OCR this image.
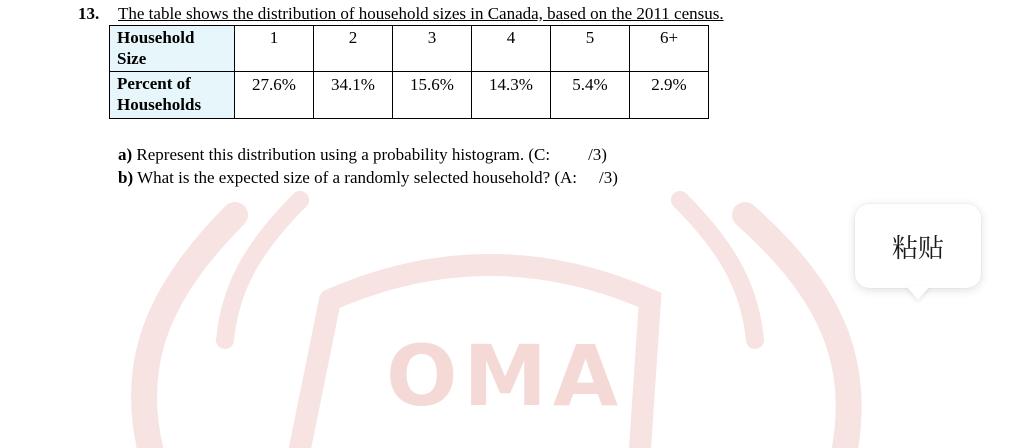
OMA
13. The table shows the distribution of household sizes in Canada, based on the 2011 census.
Household
Size	1	2	3	4	5	6+
Percent of
Households	27.6%	34.1%	15.6%	14.3%	5.4%	2.9%
a) Represent this distribution using a probability histogram. (C: /3)
b) What is the expected size of a randomly selected household? (A: /3)
粘贴
